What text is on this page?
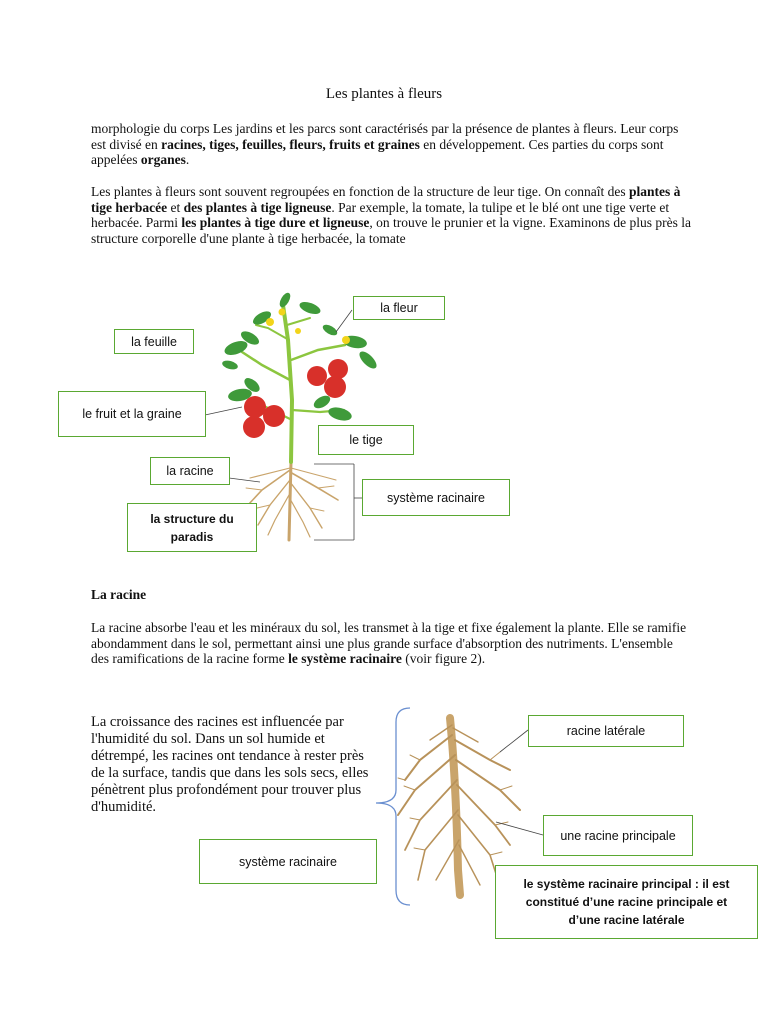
Les plantes à fleurs
morphologie du corps Les jardins et les parcs sont caractérisés par la présence de plantes à fleurs. Leur corps est divisé en racines, tiges, feuilles, fleurs, fruits et graines en développement. Ces parties du corps sont appelées organes.
Les plantes à fleurs sont souvent regroupées en fonction de la structure de leur tige. On connaît des plantes à tige herbacée et des plantes à tige ligneuse. Par exemple, la tomate, la tulipe et le blé ont une tige verte et herbacée. Parmi les plantes à tige dure et ligneuse, on trouve le prunier et la vigne. Examinons de plus près la structure corporelle d'une plante à tige herbacée, la tomate
la fleur
la feuille
le fruit et la graine
le tige
la racine
système racinaire
la structure du paradis
La racine
La racine absorbe l'eau et les minéraux du sol, les transmet à la tige et fixe également la plante. Elle se ramifie abondamment dans le sol, permettant ainsi une plus grande surface d'absorption des nutriments. L'ensemble des ramifications de la racine forme le système racinaire (voir figure 2).
La croissance des racines est influencée par l'humidité du sol. Dans un sol humide et détrempé, les racines ont tendance à rester près de la surface, tandis que dans les sols secs, elles pénètrent plus profondément pour trouver plus d'humidité.
racine latérale
une racine principale
système racinaire
le système racinaire principal : il est constitué d’une racine principale et d’une racine latérale
